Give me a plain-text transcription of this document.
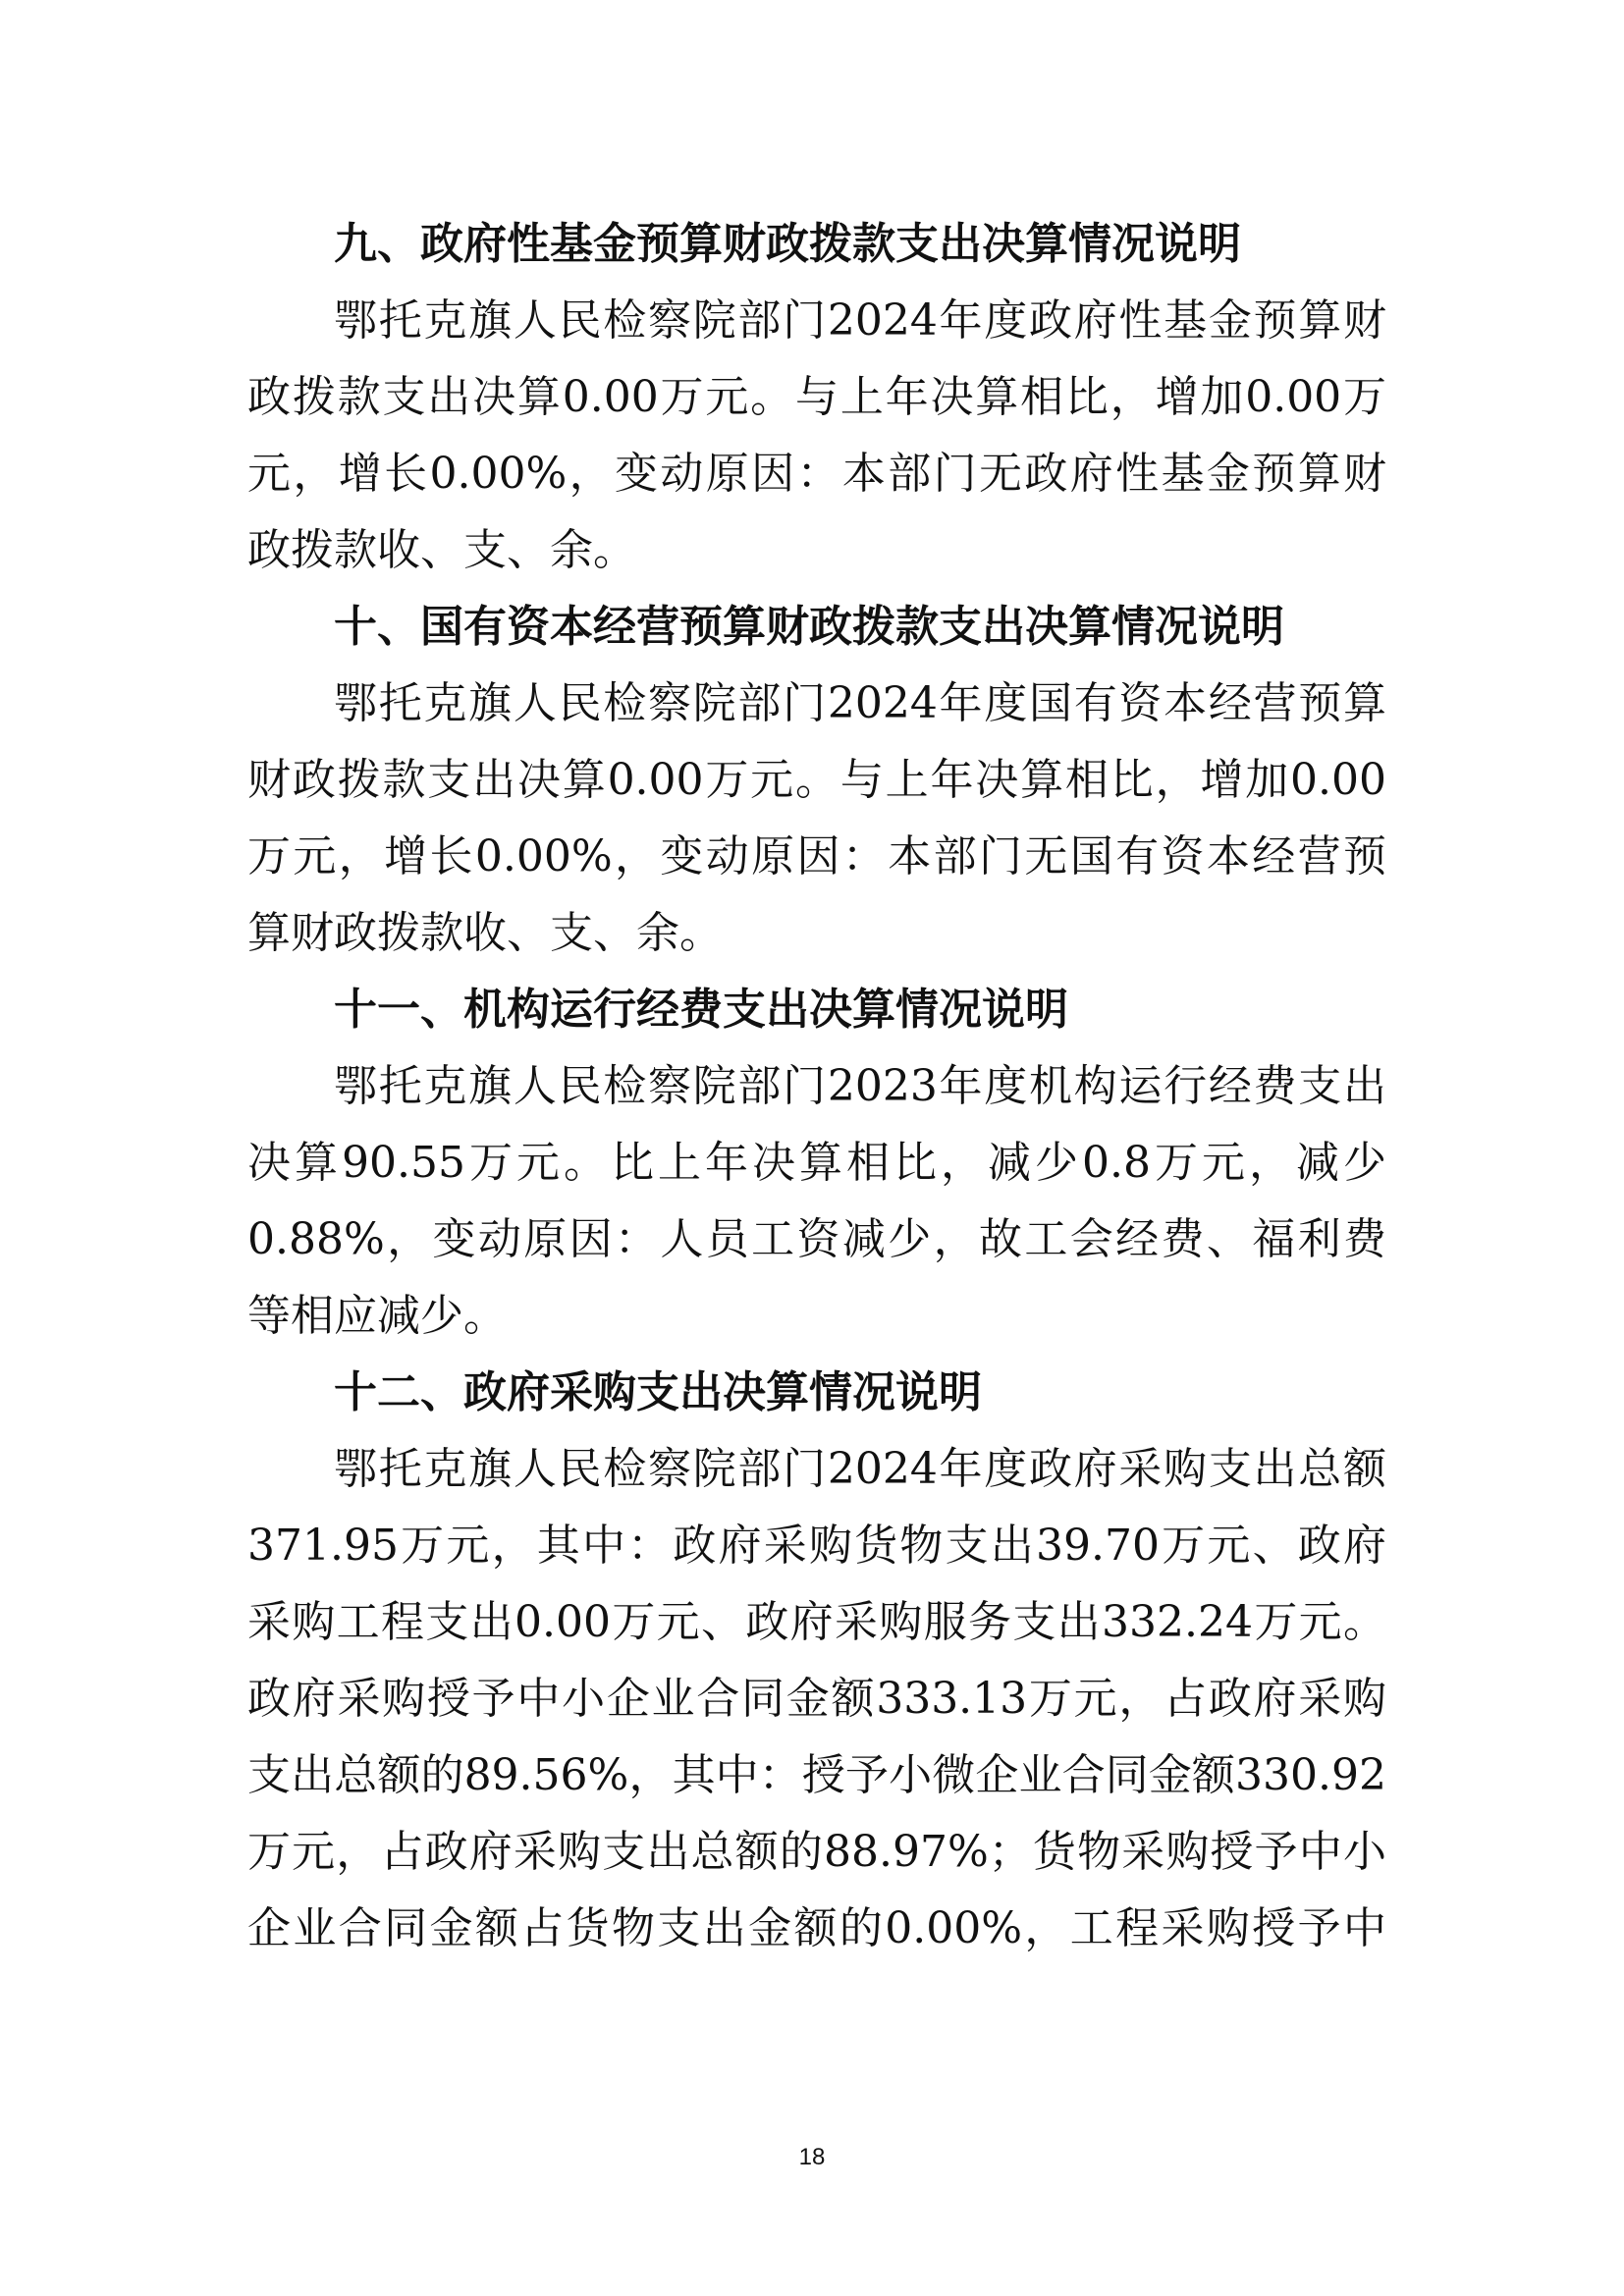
九、政府性基金预算财政拨款支出决算情况说明
鄂托克旗人民检察院部门2024年度政府性基金预算财
政拨款支出决算0.00万元。与上年决算相比，增加0.00万
元，增长0.00%，变动原因：本部门无政府性基金预算财
政拨款收、支、余。
十、国有资本经营预算财政拨款支出决算情况说明
鄂托克旗人民检察院部门2024年度国有资本经营预算
财政拨款支出决算0.00万元。与上年决算相比，增加0.00
万元，增长0.00%，变动原因：本部门无国有资本经营预
算财政拨款收、支、余。
十一、机构运行经费支出决算情况说明
鄂托克旗人民检察院部门2023年度机构运行经费支出
决算90.55万元。比上年决算相比，减少0.8万元，减少
0.88%，变动原因：人员工资减少，故工会经费、福利费
等相应减少。
十二、政府采购支出决算情况说明
鄂托克旗人民检察院部门2024年度政府采购支出总额
371.95万元，其中：政府采购货物支出39.70万元、政府
采购工程支出0.00万元、政府采购服务支出332.24万元。
政府采购授予中小企业合同金额333.13万元，占政府采购
支出总额的89.56%，其中：授予小微企业合同金额330.92
万元，占政府采购支出总额的88.97%；货物采购授予中小
企业合同金额占货物支出金额的0.00%，工程采购授予中
18
